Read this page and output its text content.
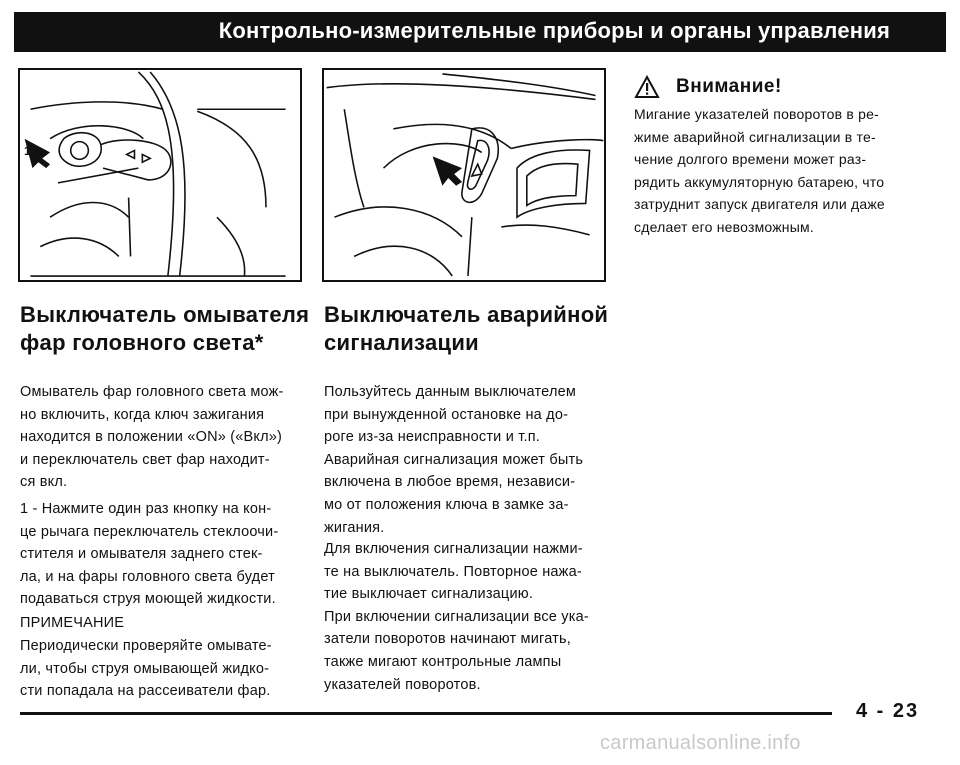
Контрольно-измерительные приборы и органы управления
1
Выключатель омывателя фар головного света*
Выключатель аварийной сигнализации

Омыватель фар головного света мож-
но включить, когда ключ зажигания
находится в положении «ON» («Вкл»)
и переключатель свет фар находит-
ся вкл.

1 - Нажмите один раз кнопку на кон-
це рычага переключатель стеклоочи-
стителя и омывателя заднего стек-
ла, и на фары головного света будет
подаваться струя моющей жидкости.

ПРИМЕЧАНИЕ

Периодически проверяйте омывате-
ли, чтобы струя омывающей жидко-
сти попадала на рассеиватели фар.

Пользуйтесь данным выключателем
при вынужденной остановке на до-
роге из-за неисправности и т.п.
Аварийная сигнализация может быть
включена в любое время, независи-
мо от положения ключа в замке за-
жигания.

Для включения сигнализации нажми-
те на выключатель. Повторное нажа-
тие выключает сигнализацию.
При включении сигнализации все ука-
затели поворотов начинают мигать,
также мигают контрольные лампы
указателей поворотов.

Внимание!

Мигание указателей поворотов в ре-
жиме аварийной сигнализации в те-
чение долгого времени может раз-
рядить аккумуляторную батарею, что
затруднит запуск двигателя или даже
сделает его невозможным.

4 - 23
carmanualsonline.info
